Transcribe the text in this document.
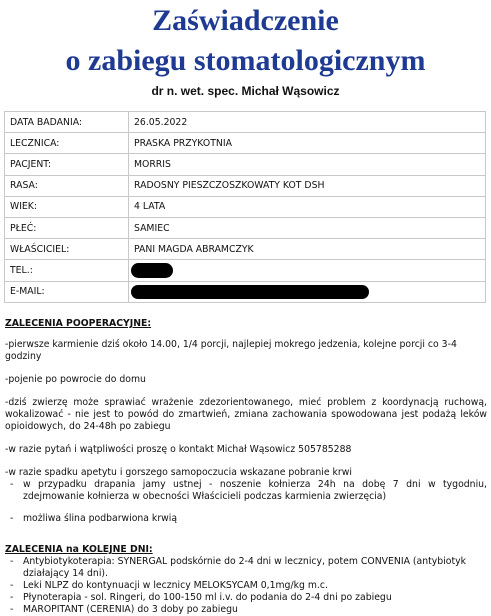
Zaświadczenie
o zabiegu stomatologicznym
dr n. wet. spec. Michał Wąsowicz
DATA BADANIA:	26.05.2022
LECZNICA:	PRASKA PRZYKOTNIA
PACJENT:	MORRIS
RASA:	RADOSNY PIESZCZOSZKOWATY KOT DSH
WIEK:	4 LATA
PŁEĆ:	SAMIEC
WŁAŚCICIEL:	PANI MAGDA ABRAMCZYK
TEL.:	
E-MAIL:	
ZALECENIA POOPERACYJNE:
-pierwsze karmienie dziś około 14.00, 1/4 porcji, najlepiej mokrego jedzenia, kolejne porcji co 3-4 godziny
-pojenie po powrocie do domu
-dziś zwierzę może sprawiać wrażenie zdezorientowanego, mieć problem z koordynacją ruchową, wokalizować - nie jest to powód do zmartwień, zmiana zachowania spowodowana jest podażą leków opioidowych, do 24-48h po zabiegu
-w razie pytań i wątpliwości proszę o kontakt Michał Wąsowicz 505785288
-w razie spadku apetytu i gorszego samopoczucia wskazane pobranie krwi
- w przypadku drapania jamy ustnej - noszenie kołnierza 24h na dobę 7 dni w tygodniu, zdejmowanie kołnierza w obecności Właścicieli podczas karmienia zwierzęcia)
- możliwa ślina podbarwiona krwią
ZALECENIA na KOLEJNE DNI:
- Antybiotykoterapia: SYNERGAL podskórnie do 2-4 dni w lecznicy, potem CONVENIA (antybiotyk działający 14 dni).
- Leki NLPZ do kontynuacji w lecznicy MELOKSYCAM 0,1mg/kg m.c.
- Płynoterapia - sol. Ringeri, do 100-150 ml i.v. do podania do 2-4 dni po zabiegu
- MAROPITANT (CERENIA) do 3 doby po zabiegu
